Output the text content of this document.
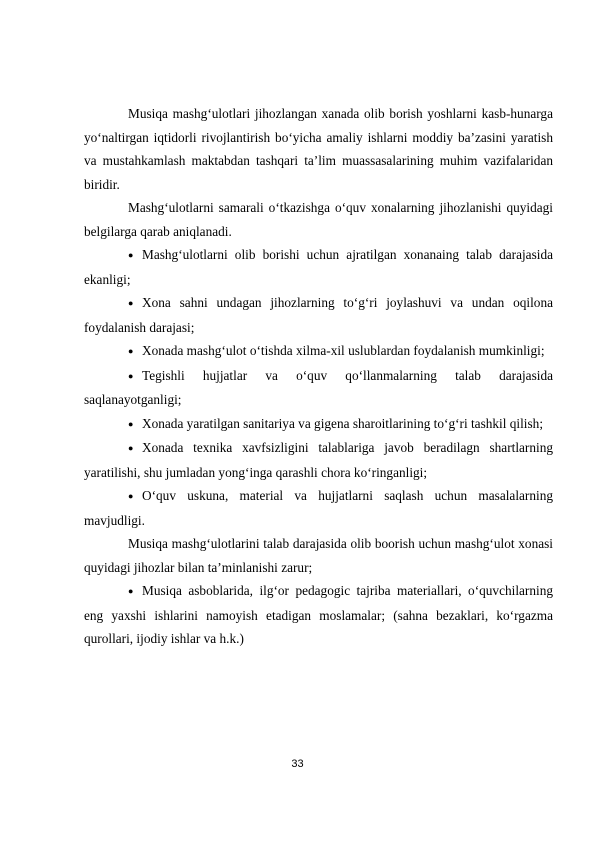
Musiqa mashg‘ulotlari jihozlangan xanada olib borish yoshlarni kasb-hunarga yo‘naltirgan iqtidorli rivojlantirish bo‘yicha amaliy ishlarni moddiy ba’zasini yaratish va mustahkamlash maktabdan tashqari ta’lim muassasalarining muhim vazifalaridan biridir.

Mashg‘ulotlarni samarali o‘tkazishga o‘quv xonalarning jihozlanishi quyidagi belgilarga qarab aniqlanadi.

● Mashg‘ulotlarni olib borishi uchun ajratilgan xonanaing talab darajasida ekanligi;

● Xona sahni undagan jihozlarning to‘g‘ri joylashuvi va undan oqilona foydalanish darajasi;

● Xonada mashg‘ulot o‘tishda xilma-xil uslublardan foydalanish mumkinligi;

● Tegishli hujjatlar va o‘quv qo‘llanmalarning talab darajasida saqlanayotganligi;

● Xonada yaratilgan sanitariya va gigena sharoitlarining to‘g‘ri tashkil qilish;

● Xonada texnika xavfsizligini talablariga javob beradilagn shartlarning yaratilishi, shu jumladan yong‘inga qarashli chora ko‘ringanligi;

● O‘quv uskuna, material va hujjatlarni saqlash uchun masalalarning mavjudligi.

Musiqa mashg‘ulotlarini talab darajasida olib boorish uchun mashg‘ulot xonasi quyidagi jihozlar bilan ta’minlanishi zarur;

● Musiqa asboblarida, ilg‘or pedagogic tajriba materiallari, o‘quvchilarning eng yaxshi ishlarini namoyish etadigan moslamalar; (sahna bezaklari, ko‘rgazma qurollari, ijodiy ishlar va h.k.)

33
